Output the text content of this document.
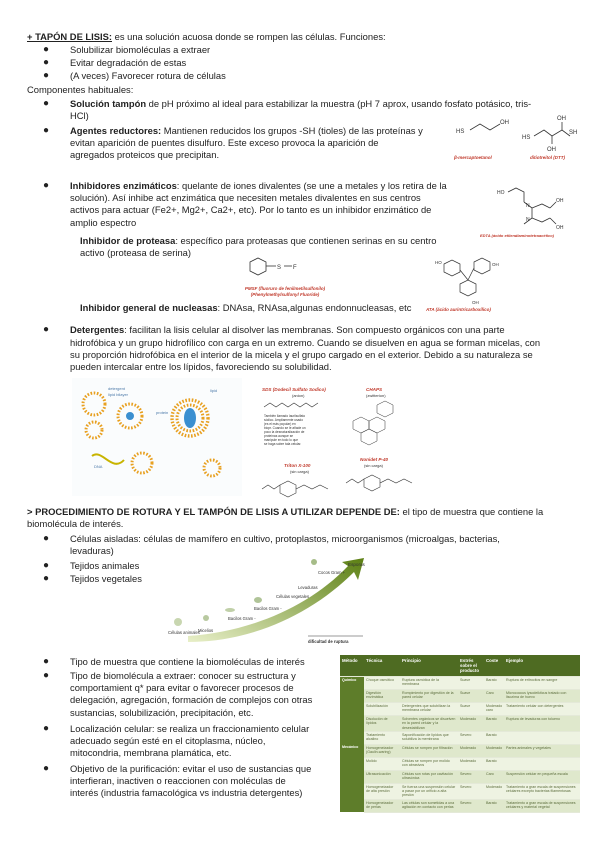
+ TAPÓN DE LISIS: es una solución acuosa donde se rompen las células. Funciones:
● Solubilizar biomoléculas a extraer
● Evitar degradación de estas
● (A veces) Favorecer rotura de células
Componentes habituales:
● Solución tampón de pH próximo al ideal para estabilizar la muestra (pH 7 aprox, usando fosfato potásico, tris-
HCl)
● Agentes reductores: Mantienen reducidos los grupos -SH (tioles) de las proteínas y
evitan aparición de puentes disulfuro. Este exceso provoca la aparición de
agregados proteicos que precipitan.
HS
OH
HS
SH
OH
OH
β-mercaptoetanol	ditiotreitol (DTT)
● Inhibidores enzimáticos: quelante de iones divalentes (se une a metales y los retira de la
solución). Así inhibe act enzimática que necesiten metales divalentes en sus centros
activos para actuar (Fe2+, Mg2+, Ca2+, etc). Por lo tanto es un inhibidor enzimático de
amplio espectro
N
N
HO
OH
OH
EDTA (ácido etilendiaminotetraacético)
Inhibidor de proteasa: específico para proteasas que contienen serinas en su centro
activo (proteasa de serina)
S F
PMSF (fluoruro de fenilmetilsulfonilo)
(Phenylmethylsulfonyl Fluoride)
OH
HO
OH
ATA (ácido aurintricarboxílico)
Inhibidor general de nucleasas: DNAsa, RNAsa,algunas endonnucleasas, etc
● Detergentes: facilitan la lisis celular al disolver las membranas. Son compuesto orgánicos con una parte
hidrofóbica y un grupo hidrofílico con carga en un extremo. Cuando se disuelven en agua se forman micelas, con
su proporción hidrofóbica en el interior de la micela y el grupo cargado en el exterior. Debido a su naturaleza se
pueden intercalar entre los lípidos, favoreciendo su solubilidad.
detergent
lipid bilayer
protein
lipid
DNA
SDS (Dodecil Sulfato Sodico)
(anion)
CHAPS
(zwitterion)
También llamado laurilsulfato
sódico. Ampliamente usado
(es el más popular) en
biopr. Cuando se le añade un
poco la desnaturalización de
proteínas aunque se
manipule en todo lo que
se haga sobre tala celular.
Triton X-100
(sin carga)
Nonidet P-40
(sin carga)
> PROCEDIMIENTO DE ROTURA Y EL TAMPÓN DE LISIS A UTILIZAR DEPENDE DE: el tipo de muestra que contiene la
biomolécula de interés.
● Células aisladas: células de mamífero en cultivo, protoplastos, microorganismos (microalgas, bacterias,
levaduras)
● Tejidos animales
● Tejidos vegetales
dificultad de ruptura
Esporas
Cocos Gram +
Levaduras
Células vegetales
Bacilos Gram -
Bacilos Gram -
Micelios
Células animales
● Tipo de muestra que contiene la biomoléculas de interés
● Tipo de biomolécula a extraer: conocer su estructura y
comportamient q* para evitar o favorecer procesos de
delegación, agregación, formación de complejos con otras
sustancias, solubilización, precipitación, etc.
● Localización celular: se realiza un fraccionamiento celular
adecuado según esté en el citoplasma, núcleo,
mitocondria, membrana plamática, etc.
● Objetivo de la purificación: evitar el uso de sustancias que
interfieran, inactiven o reaccionen con moléculas de
interés (industria famacológica vs industria detergentes)
Método	Técnica	Principio	Estrés sobre el producto	Coste	Ejemplo
Químico	Choque osmótico	Ruptura osmótica de la membrana	Suave	Barato	Ruptura de eritrocitos en sangre
	Digestión enzimática	Rompimiento por digestión de la pared celular	Suave	Caro	Micrococcus lysodeikticus tratado con lisozima de huevo
	Solubilización	Detergentes que solubilizan la membrana celular	Suave	Moderado caro	Tratamiento celular con detergentes
	Disolución de lípidos	Solventes orgánicos se disuelven en la pared celular y la desestabilizan	Moderado	Barato	Ruptura de levaduras con tolueno
	Tratamiento alcalino	Saponificación de lípidos que solubiliza la membrana	Severo	Barato	
Mecánico	Homogeneizador (Gaulin-waring)	Células se rompen por filtración	Moderado	Moderado	Partes animales y vegetales
	Molido	Células se rompen por molido con abrasivos	Moderado	Barato	
	Ultrasonicación	Células son rotas por cavitación ultrasónica	Severo	Caro	Suspensión celular en pequeña escala
	Homogeneizador de alta presión	Se fuerza una suspensión celular a pasar por un orificio a alta presión	Severo	Moderado	Tratamiento a gran escala de suspensiones celulares excepto bacterias filamentosas
	Homogeneizador de perlas	Las células son sometidas a una agitación en contacto con perlas	Severo	Barato	Tratamiento a gran escala de suspensiones celulares y material vegetal
